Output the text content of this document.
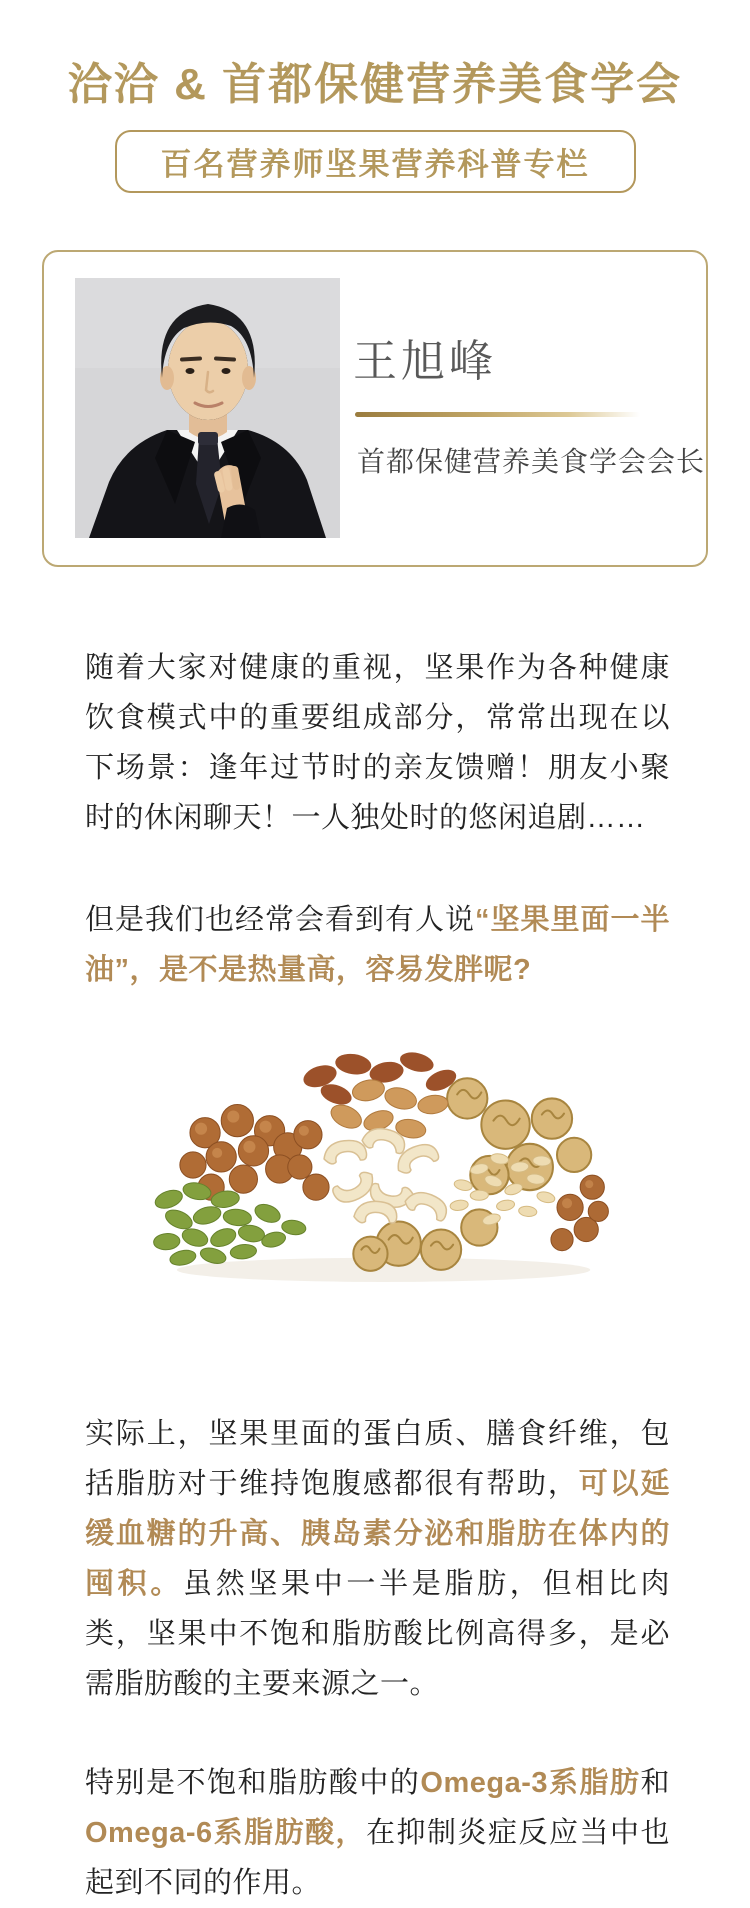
洽洽 & 首都保健营养美食学会
百名营养师坚果营养科普专栏
王旭峰
首都保健营养美食学会会长

随着大家对健康的重视，坚果作为各种健康饮食模式中的重要组成部分，常常出现在以下场景：逢年过节时的亲友馈赠！朋友小聚时的休闲聊天！一人独处时的悠闲追剧……

但是我们也经常会看到有人说“坚果里面一半油”，是不是热量高，容易发胖呢?

实际上，坚果里面的蛋白质、膳食纤维，包括脂肪对于维持饱腹感都很有帮助，可以延缓血糖的升高、胰岛素分泌和脂肪在体内的囤积。虽然坚果中一半是脂肪，但相比肉类，坚果中不饱和脂肪酸比例高得多，是必需脂肪酸的主要来源之一。

特别是不饱和脂肪酸中的Omega-3系脂肪和Omega-6系脂肪酸，在抑制炎症反应当中也起到不同的作用。
